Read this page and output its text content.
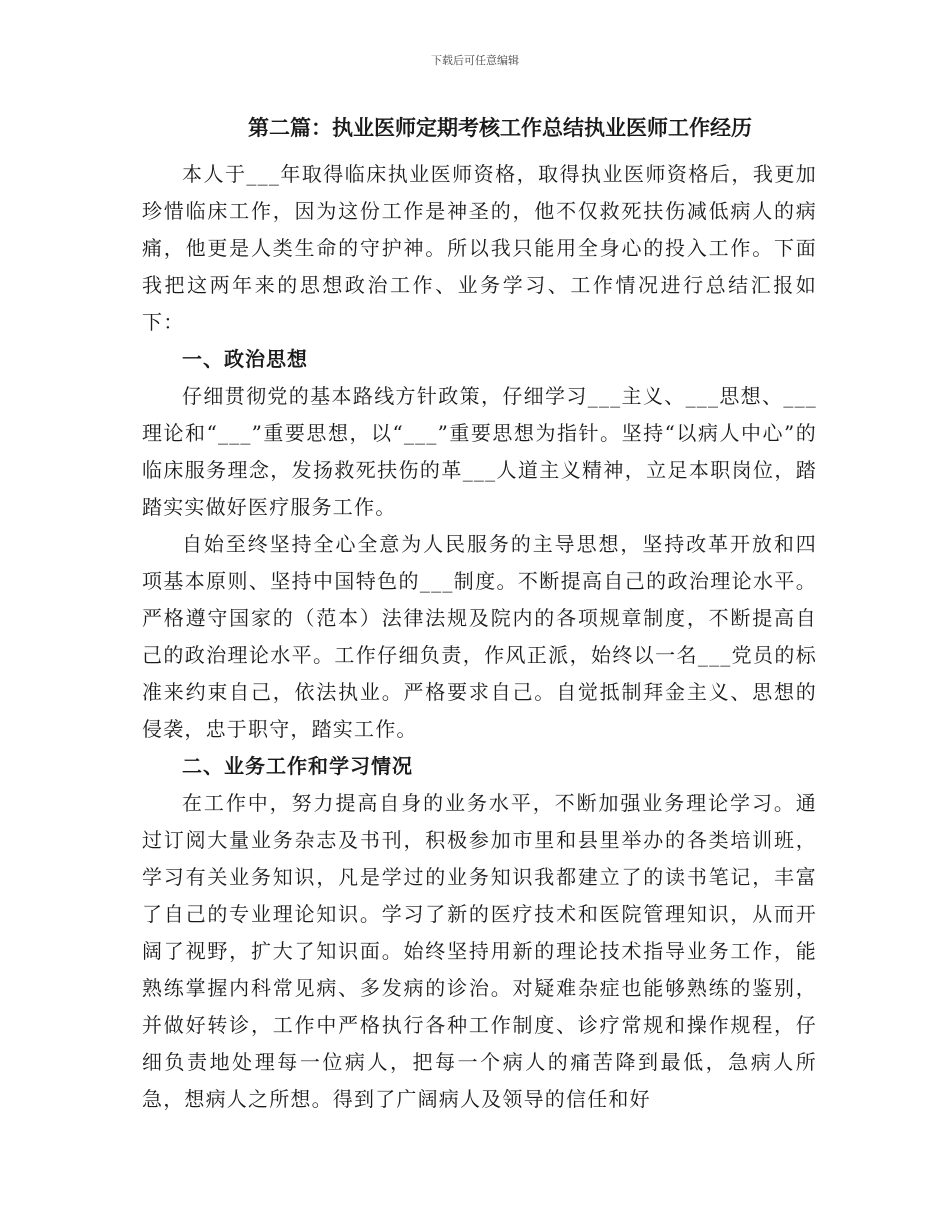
下载后可任意编辑
第二篇：执业医师定期考核工作总结执业医师工作经历

本人于___年取得临床执业医师资格，取得执业医师资格后，我更加珍惜临床工作，因为这份工作是神圣的，他不仅救死扶伤减低病人的病痛，他更是人类生命的守护神。所以我只能用全身心的投入工作。下面我把这两年来的思想政治工作、业务学习、工作情况进行总结汇报如下：

一、政治思想

仔细贯彻党的基本路线方针政策，仔细学习___主义、___思想、___理论和“___”重要思想，以“___”重要思想为指针。坚持“以病人中心”的临床服务理念，发扬救死扶伤的革___人道主义精神，立足本职岗位，踏踏实实做好医疗服务工作。

自始至终坚持全心全意为人民服务的主导思想，坚持改革开放和四项基本原则、坚持中国特色的___制度。不断提高自己的政治理论水平。严格遵守国家的（范本）法律法规及院内的各项规章制度，不断提高自己的政治理论水平。工作仔细负责，作风正派，始终以一名___党员的标准来约束自己，依法执业。严格要求自己。自觉抵制拜金主义、思想的侵袭，忠于职守，踏实工作。

二、业务工作和学习情况

在工作中，努力提高自身的业务水平，不断加强业务理论学习。通过订阅大量业务杂志及书刊，积极参加市里和县里举办的各类培训班，学习有关业务知识，凡是学过的业务知识我都建立了的读书笔记，丰富了自己的专业理论知识。学习了新的医疗技术和医院管理知识，从而开阔了视野，扩大了知识面。始终坚持用新的理论技术指导业务工作，能熟练掌握内科常见病、多发病的诊治。对疑难杂症也能够熟练的鉴别，并做好转诊，工作中严格执行各种工作制度、诊疗常规和操作规程，仔细负责地处理每一位病人，把每一个病人的痛苦降到最低，急病人所急，想病人之所想。得到了广阔病人及领导的信任和好
